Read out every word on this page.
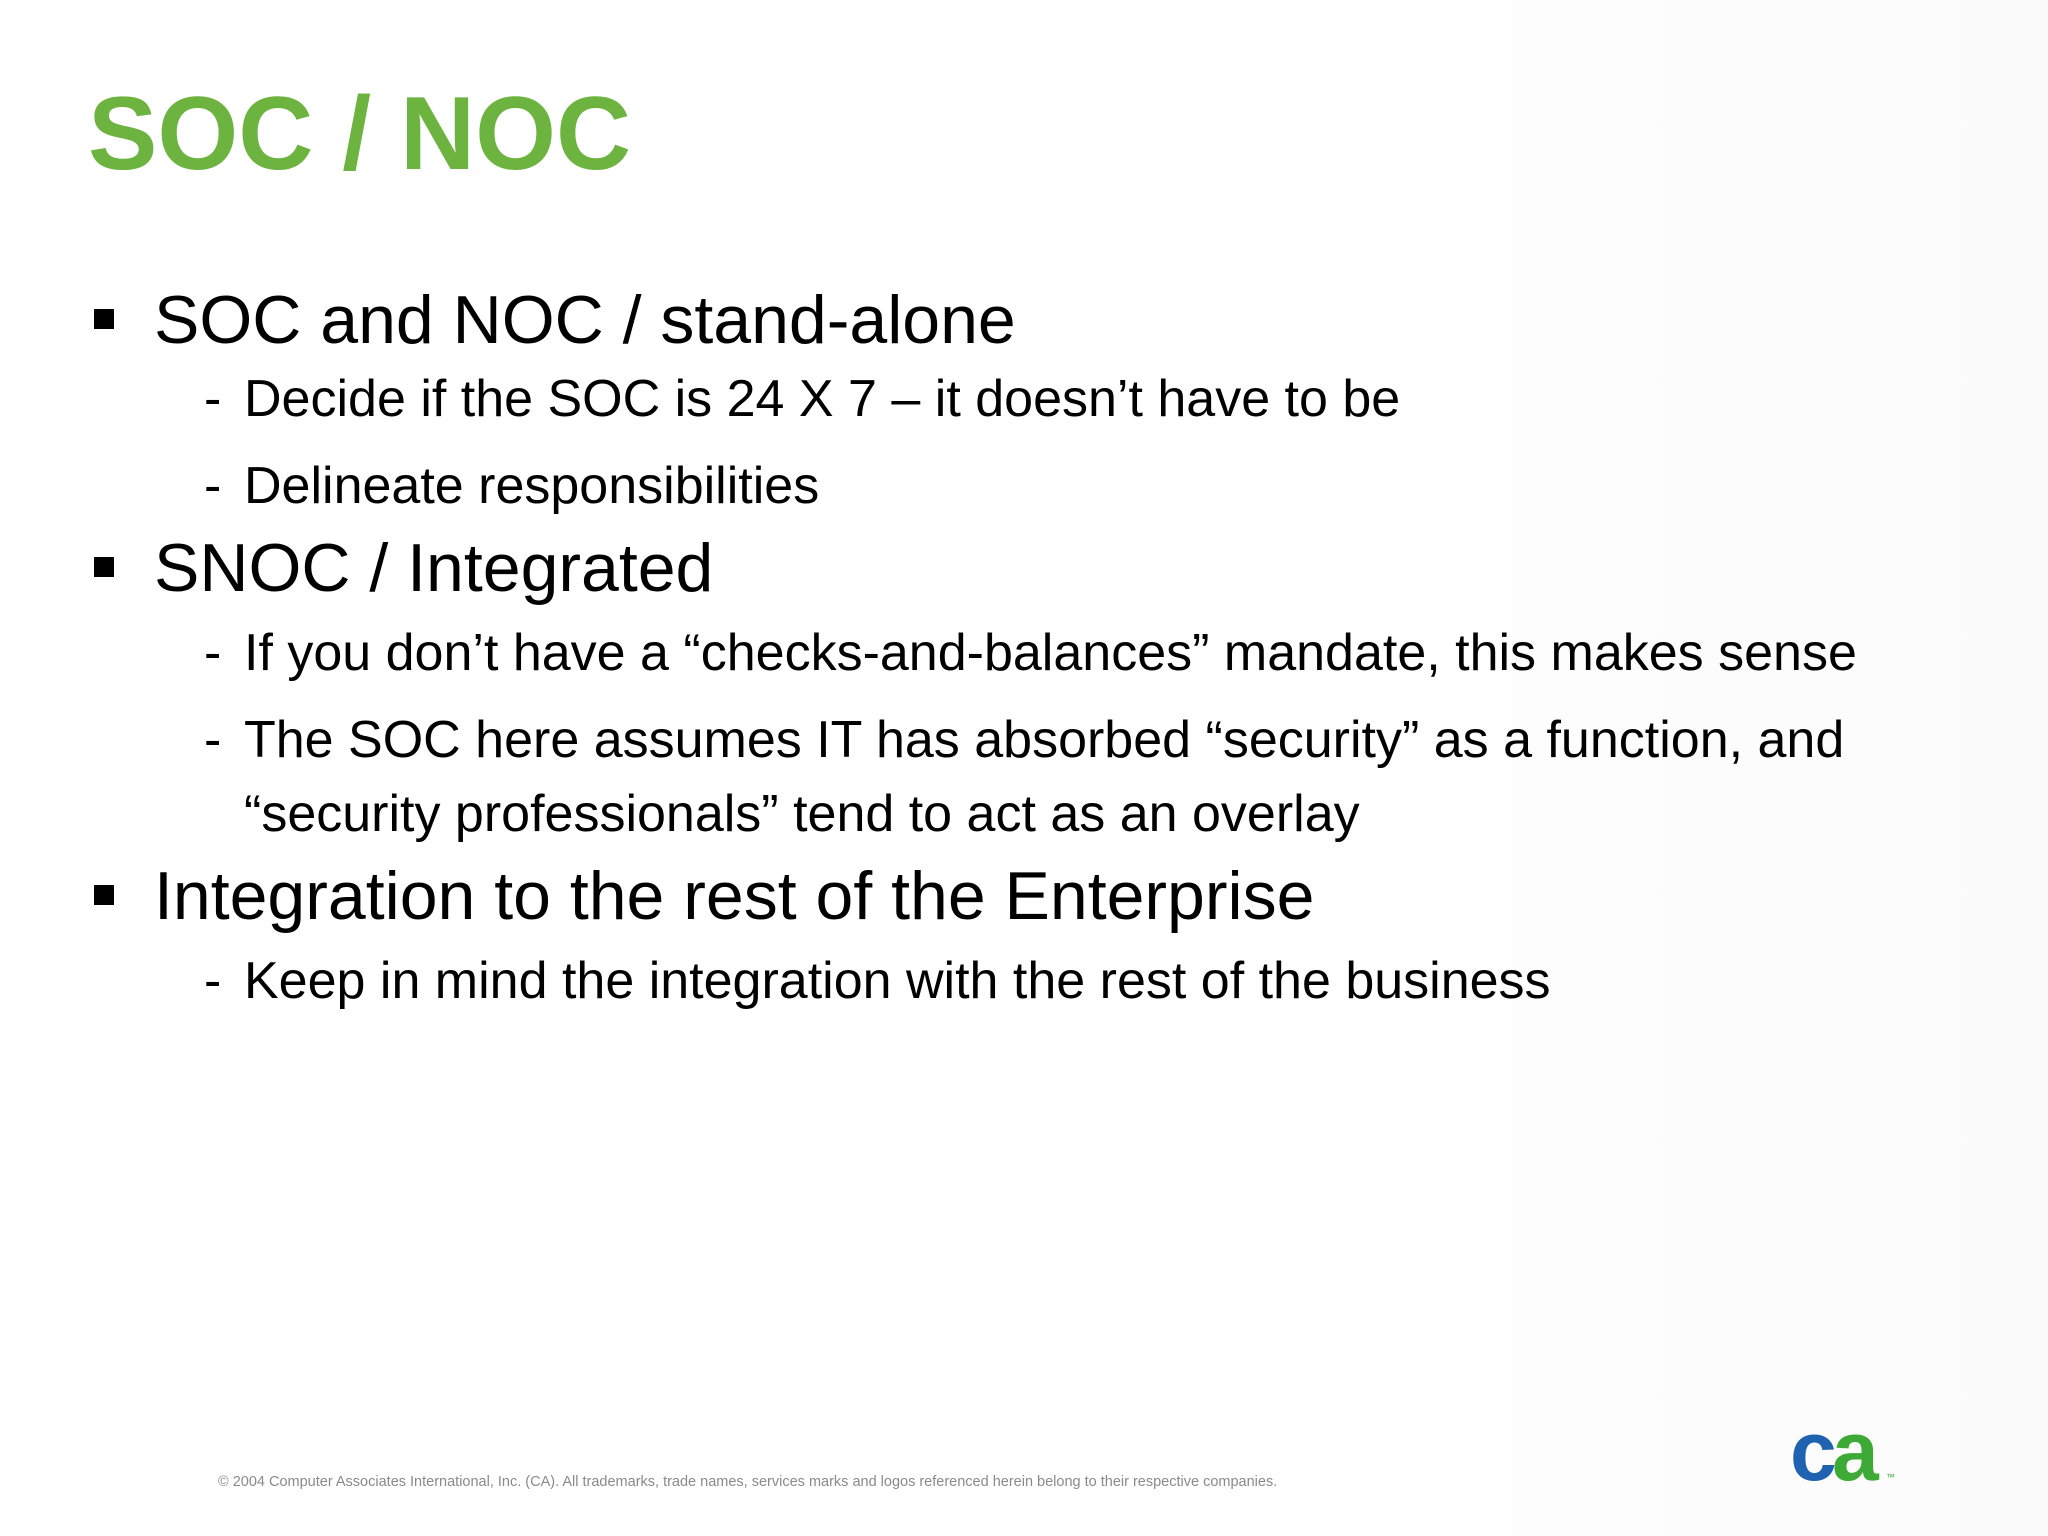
SOC / NOC
SOC and NOC / stand-alone
- Decide if the SOC is 24 X 7 – it doesn’t have to be
- Delineate responsibilities
SNOC / Integrated
- If you don’t have a “checks-and-balances” mandate, this makes sense
- The SOC here assumes IT has absorbed “security” as a function, and “security professionals” tend to act as an overlay
Integration to the rest of the Enterprise
- Keep in mind the integration with the rest of the business
© 2004 Computer Associates International, Inc. (CA). All trademarks, trade names, services marks and logos referenced herein belong to their respective companies.	c
a ™
